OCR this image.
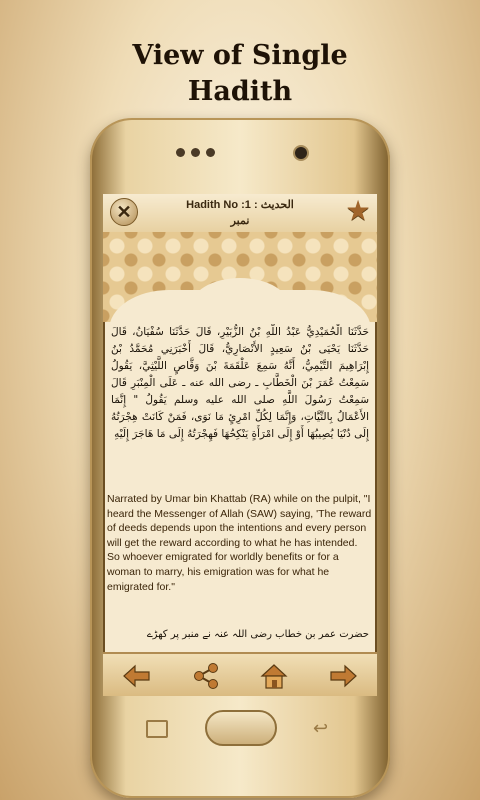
View of Single
Hadith
✕	Hadith No :1 : الحدیث
نمبر	★
حَدَّثَنَا الْحُمَيْدِيُّ عَبْدُ اللَّهِ بْنُ الزُّبَيْرِ، قَالَ حَدَّثَنَا سُفْيَانُ، قَالَ حَدَّثَنَا يَحْيَى بْنُ سَعِيدٍ الأَنْصَارِيُّ، قَالَ أَخْبَرَنِي مُحَمَّدُ بْنُ إِبْرَاهِيمَ التَّيْمِيُّ، أَنَّهُ سَمِعَ عَلْقَمَةَ بْنَ وَقَّاصٍ اللَّيْثِيَّ، يَقُولُ سَمِعْتُ عُمَرَ بْنَ الْخَطَّابِ ـ رضى الله عنه ـ عَلَى الْمِنْبَرِ قَالَ سَمِعْتُ رَسُولَ اللَّهِ صلى الله عليه وسلم يَقُولُ " إِنَّمَا الأَعْمَالُ بِالنِّيَّاتِ، وَإِنَّمَا لِكُلِّ امْرِئٍ مَا نَوَى، فَمَنْ كَانَتْ هِجْرَتُهُ إِلَى دُنْيَا يُصِيبُهَا أَوْ إِلَى امْرَأَةٍ يَنْكِحُهَا فَهِجْرَتُهُ إِلَى مَا هَاجَرَ إِلَيْهِ
Narrated by Umar bin Khattab (RA) while on the pulpit, "I heard the Messenger of Allah (SAW) saying, 'The reward of deeds depends upon the intentions and every person will get the reward according to what he has intended. So whoever emigrated for worldly benefits or for a woman to marry, his emigration was for what he emigrated for."
حضرت عمر بن خطاب رضی اللہ عنہ نے منبر پر کھڑے
↩
